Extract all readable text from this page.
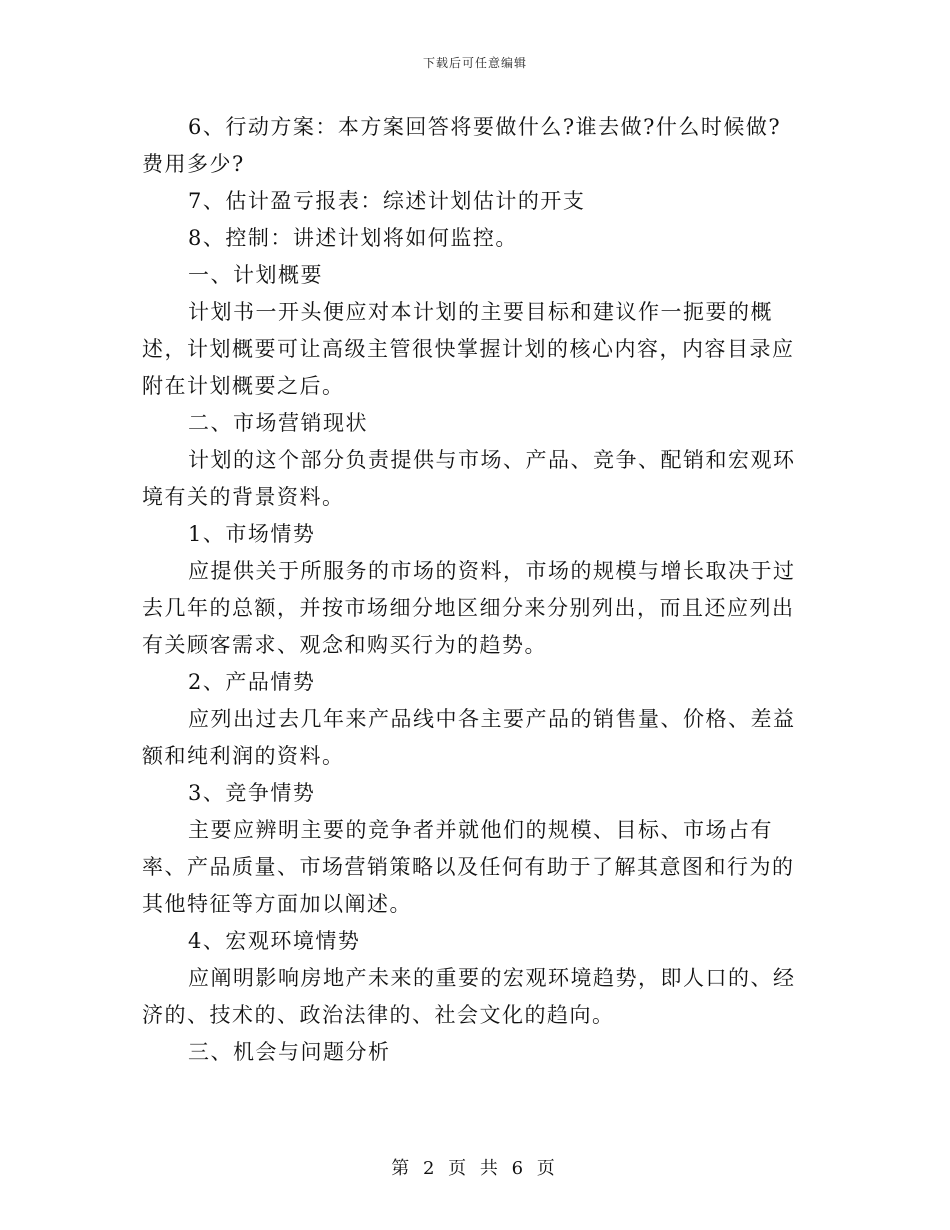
下载后可任意编辑

6、行动方案：本方案回答将要做什么?谁去做?什么时候做?费用多少?

7、估计盈亏报表：综述计划估计的开支

8、控制：讲述计划将如何监控。

一、计划概要

计划书一开头便应对本计划的主要目标和建议作一扼要的概述，计划概要可让高级主管很快掌握计划的核心内容，内容目录应附在计划概要之后。

二、市场营销现状

计划的这个部分负责提供与市场、产品、竞争、配销和宏观环境有关的背景资料。

1、市场情势

应提供关于所服务的市场的资料，市场的规模与增长取决于过去几年的总额，并按市场细分地区细分来分别列出，而且还应列出有关顾客需求、观念和购买行为的趋势。

2、产品情势

应列出过去几年来产品线中各主要产品的销售量、价格、差益额和纯利润的资料。

3、竞争情势

主要应辨明主要的竞争者并就他们的规模、目标、市场占有率、产品质量、市场营销策略以及任何有助于了解其意图和行为的其他特征等方面加以阐述。

4、宏观环境情势

应阐明影响房地产未来的重要的宏观环境趋势，即人口的、经济的、技术的、政治法律的、社会文化的趋向。

三、机会与问题分析

第 2 页 共 6 页
